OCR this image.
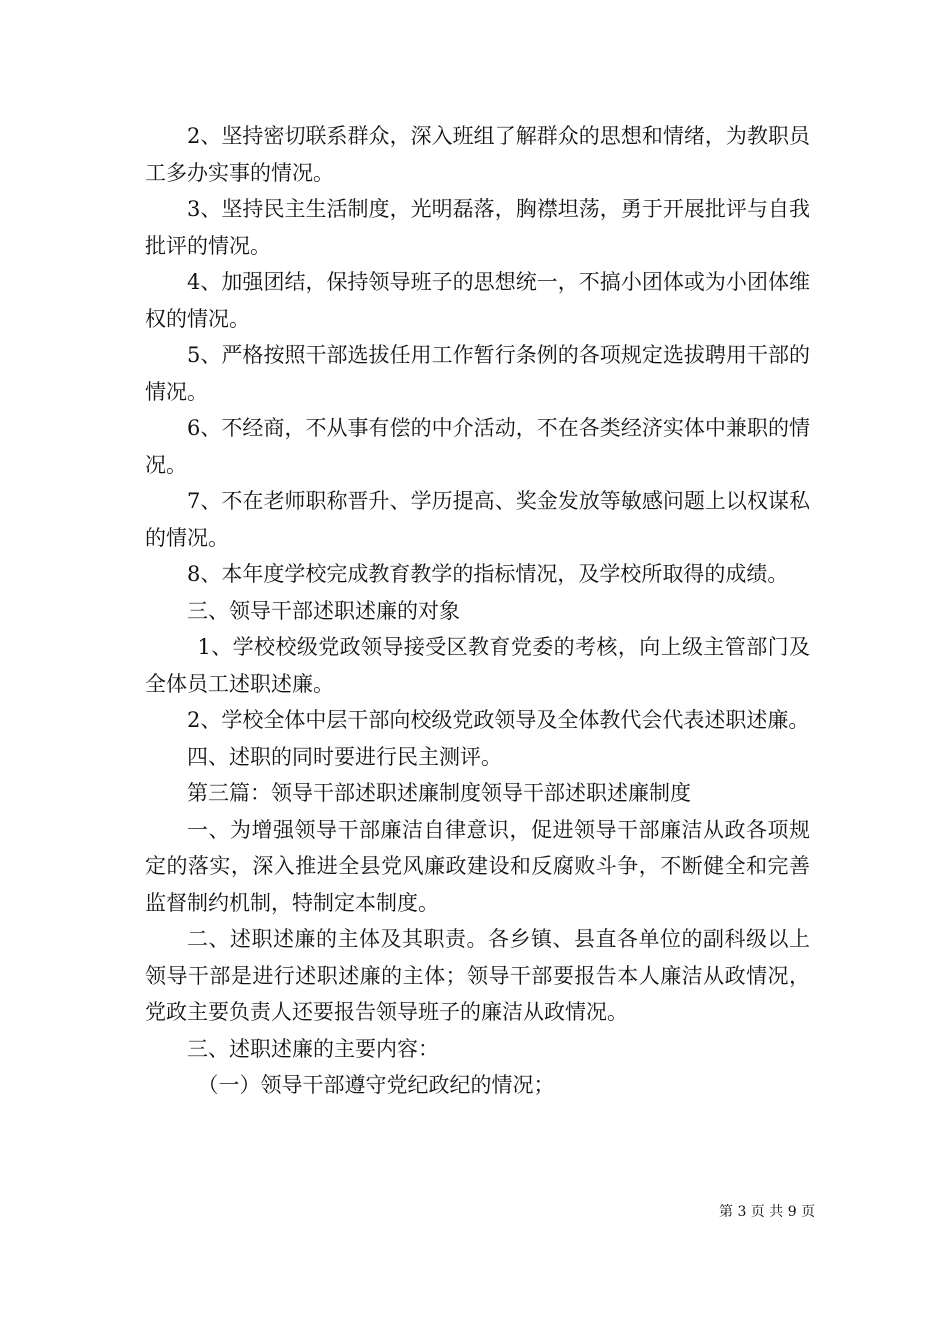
2、坚持密切联系群众，深入班组了解群众的思想和情绪，为教职员工多办实事的情况。

3、坚持民主生活制度，光明磊落，胸襟坦荡，勇于开展批评与自我批评的情况。

4、加强团结，保持领导班子的思想统一，不搞小团体或为小团体维权的情况。

5、严格按照干部选拔任用工作暂行条例的各项规定选拔聘用干部的情况。

6、不经商，不从事有偿的中介活动，不在各类经济实体中兼职的情况。

7、不在老师职称晋升、学历提高、奖金发放等敏感问题上以权谋私的情况。

8、本年度学校完成教育教学的指标情况，及学校所取得的成绩。

三、领导干部述职述廉的对象

1、学校校级党政领导接受区教育党委的考核，向上级主管部门及全体员工述职述廉。

2、学校全体中层干部向校级党政领导及全体教代会代表述职述廉。

四、述职的同时要进行民主测评。

第三篇：领导干部述职述廉制度领导干部述职述廉制度

一、为增强领导干部廉洁自律意识，促进领导干部廉洁从政各项规定的落实，深入推进全县党风廉政建设和反腐败斗争，不断健全和完善监督制约机制，特制定本制度。

二、述职述廉的主体及其职责。各乡镇、县直各单位的副科级以上领导干部是进行述职述廉的主体；领导干部要报告本人廉洁从政情况，党政主要负责人还要报告领导班子的廉洁从政情况。

三、述职述廉的主要内容：

（一）领导干部遵守党纪政纪的情况；

第 3 页 共 9 页
